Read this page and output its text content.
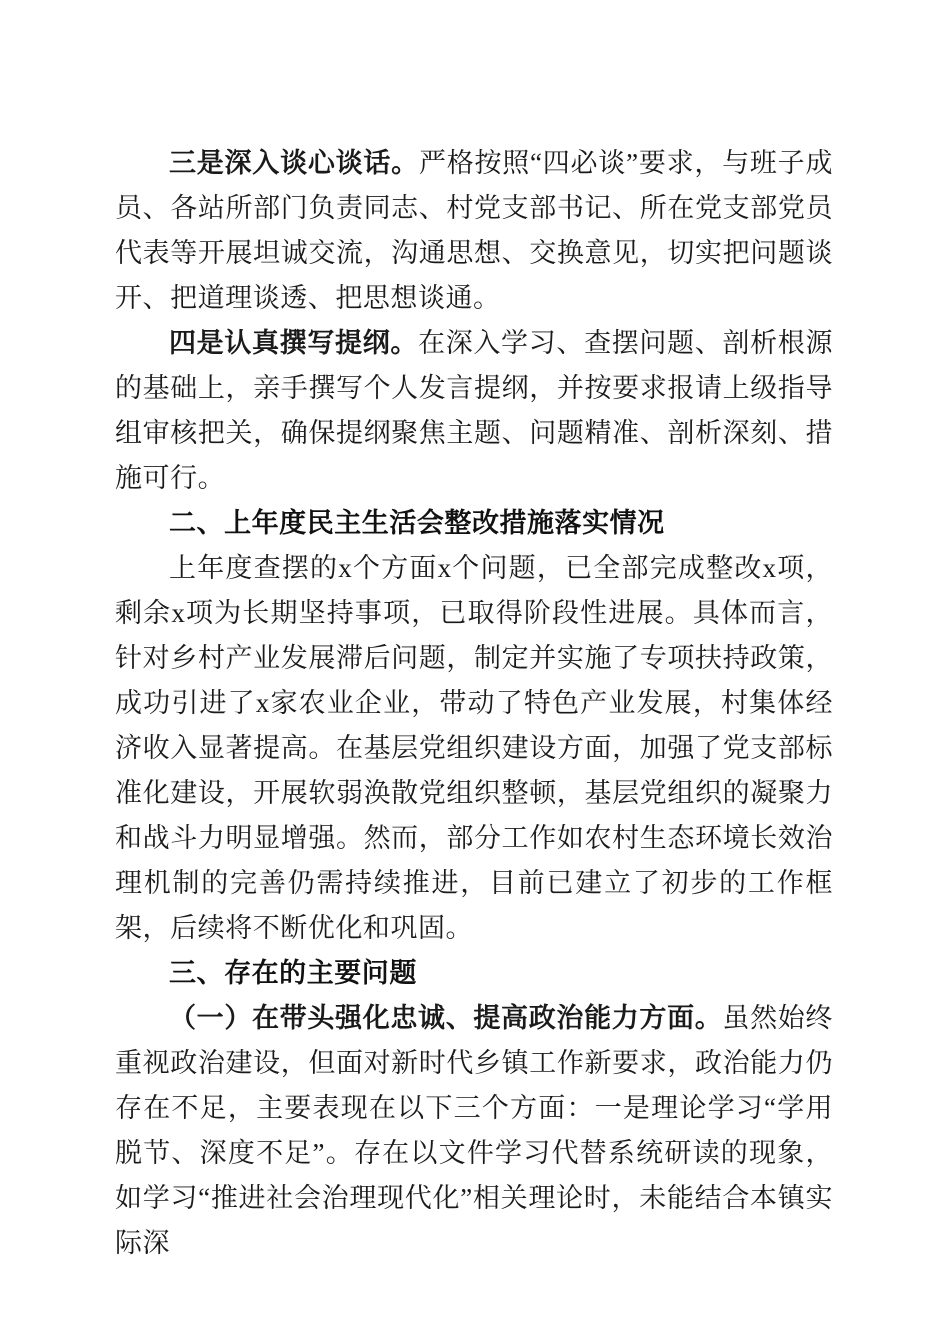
三是深入谈心谈话。严格按照“四必谈”要求，与班子成员、各站所部门负责同志、村党支部书记、所在党支部党员代表等开展坦诚交流，沟通思想、交换意见，切实把问题谈开、把道理谈透、把思想谈通。

四是认真撰写提纲。在深入学习、查摆问题、剖析根源的基础上，亲手撰写个人发言提纲，并按要求报请上级指导组审核把关，确保提纲聚焦主题、问题精准、剖析深刻、措施可行。

二、上年度民主生活会整改措施落实情况

上年度查摆的x个方面x个问题，已全部完成整改x项，剩余x项为长期坚持事项，已取得阶段性进展。具体而言，针对乡村产业发展滞后问题，制定并实施了专项扶持政策，成功引进了x家农业企业，带动了特色产业发展，村集体经济收入显著提高。在基层党组织建设方面，加强了党支部标准化建设，开展软弱涣散党组织整顿，基层党组织的凝聚力和战斗力明显增强。然而，部分工作如农村生态环境长效治理机制的完善仍需持续推进，目前已建立了初步的工作框架，后续将不断优化和巩固。

三、存在的主要问题

（一）在带头强化忠诚、提高政治能力方面。虽然始终重视政治建设，但面对新时代乡镇工作新要求，政治能力仍存在不足，主要表现在以下三个方面：一是理论学习“学用脱节、深度不足”。存在以文件学习代替系统研读的现象，如学习“推进社会治理现代化”相关理论时，未能结合本镇实际深
